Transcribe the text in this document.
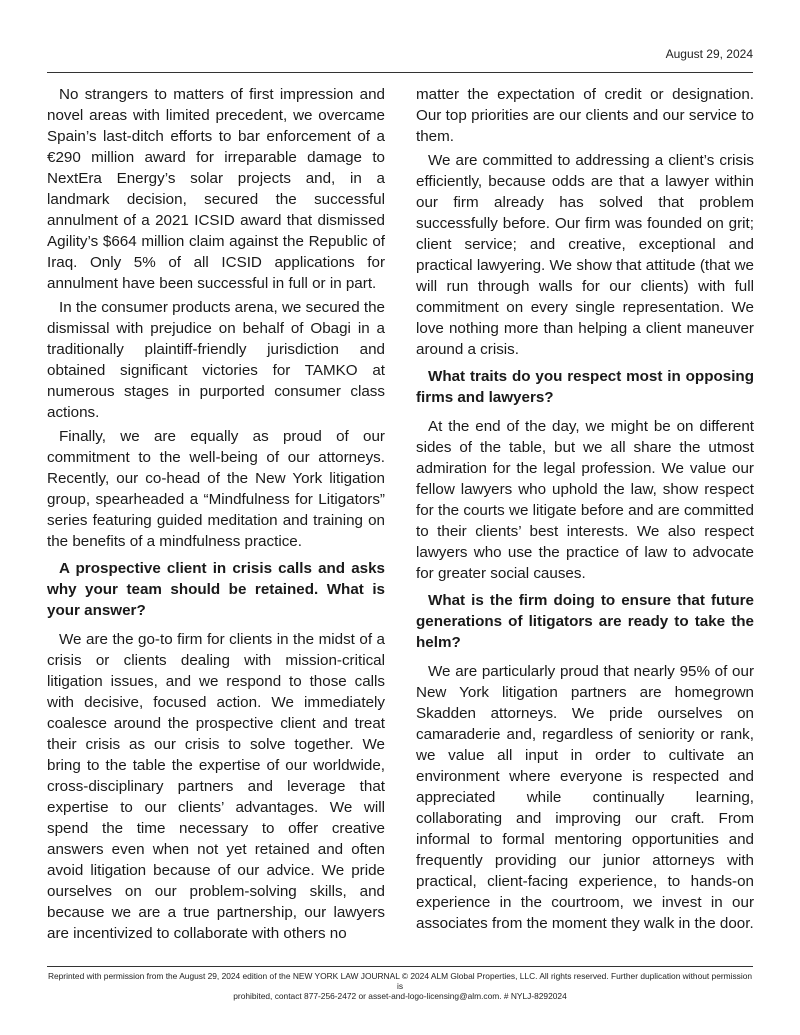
August 29, 2024

No strangers to matters of first impression and novel areas with limited precedent, we overcame Spain’s last-ditch efforts to bar enforcement of a €290 million award for irreparable damage to NextEra Energy’s solar projects and, in a landmark decision, secured the successful annulment of a 2021 ICSID award that dismissed Agility’s $664 million claim against the Republic of Iraq. Only 5% of all ICSID applications for annulment have been successful in full or in part.

In the consumer products arena, we secured the dismissal with prejudice on behalf of Obagi in a traditionally plaintiff-friendly jurisdiction and obtained significant victories for TAMKO at numerous stages in purported consumer class actions.

Finally, we are equally as proud of our commitment to the well-being of our attorneys. Recently, our co-head of the New York litigation group, spearheaded a “Mindfulness for Litigators” series featuring guided meditation and training on the benefits of a mindfulness practice.

A prospective client in crisis calls and asks why your team should be retained. What is your answer?

We are the go-to firm for clients in the midst of a crisis or clients dealing with mission-critical litigation issues, and we respond to those calls with decisive, focused action. We immediately coalesce around the prospective client and treat their crisis as our crisis to solve together. We bring to the table the expertise of our worldwide, cross-disciplinary partners and leverage that expertise to our clients’ advantages. We will spend the time necessary to offer creative answers even when not yet retained and often avoid litigation because of our advice. We pride ourselves on our problem-solving skills, and because we are a true partnership, our lawyers are incentivized to collaborate with others no

matter the expectation of credit or designation. Our top priorities are our clients and our service to them.

We are committed to addressing a client’s crisis efficiently, because odds are that a lawyer within our firm already has solved that problem successfully before. Our firm was founded on grit; client service; and creative, exceptional and practical lawyering. We show that attitude (that we will run through walls for our clients) with full commitment on every single representation. We love nothing more than helping a client maneuver around a crisis.

What traits do you respect most in opposing firms and lawyers?

At the end of the day, we might be on different sides of the table, but we all share the utmost admiration for the legal profession. We value our fellow lawyers who uphold the law, show respect for the courts we litigate before and are committed to their clients’ best interests. We also respect lawyers who use the practice of law to advocate for greater social causes.

What is the firm doing to ensure that future generations of litigators are ready to take the helm?

We are particularly proud that nearly 95% of our New York litigation partners are homegrown Skadden attorneys. We pride ourselves on camaraderie and, regardless of seniority or rank, we value all input in order to cultivate an environment where everyone is respected and appreciated while continually learning, collaborating and improving our craft. From informal to formal mentoring opportunities and frequently providing our junior attorneys with practical, client-facing experience, to hands-on experience in the courtroom, we invest in our associates from the moment they walk in the door.

Reprinted with permission from the August 29, 2024 edition of the NEW YORK LAW JOURNAL © 2024 ALM Global Properties, LLC. All rights reserved. Further duplication without permission is
prohibited, contact 877-256-2472 or asset-and-logo-licensing@alm.com. # NYLJ-8292024
